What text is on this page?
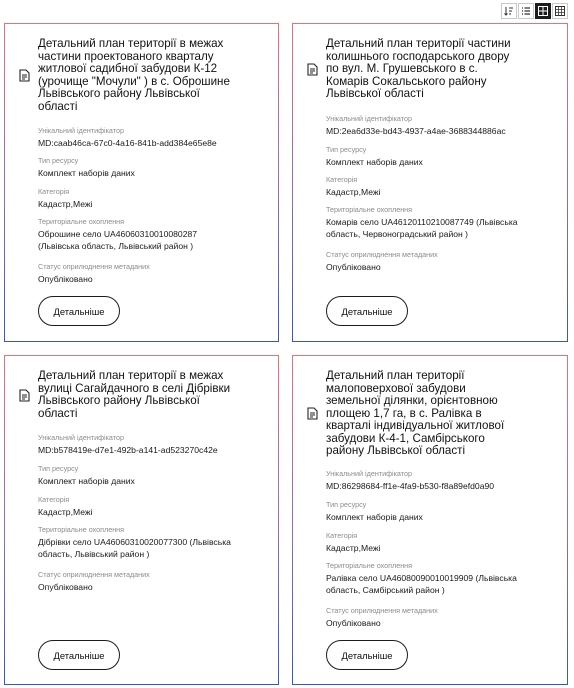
Детальний план території в межах
частини проектованого кварталу
житлової садибної забудови К-12
(урочище "Мочули" ) в с. Оброшине
Львівського району Львівської
області
Унікальний ідентифікатор
MD:caab46ca-67c0-4a16-841b-add384e65e8e
Тип ресурсу
Комплект наборів даних
Категорія
Кадастр,Межі
Територіальне охоплення
Оброшине село UA46060310010080287
(Львівська область, Львівський район )
Статус оприлюднення метаданих
Опубліковано
Детальніше
Детальний план території частини
колишнього господарського двору
по вул. М. Грушевського в с.
Комарів Сокальського району
Львівської області
Унікальний ідентифікатор
MD:2ea6d33e-bd43-4937-a4ae-3688344886ac
Тип ресурсу
Комплект наборів даних
Категорія
Кадастр,Межі
Територіальне охоплення
Комарів село UA46120110210087749 (Львівська
область, Червоноградський район )
Статус оприлюднення метаданих
Опубліковано
Детальніше
Детальний план території в межах
вулиці Сагайдачного в селі Дібрівки
Львівського району Львівської
області
Унікальний ідентифікатор
MD:b578419e-d7e1-492b-a141-ad523270c42e
Тип ресурсу
Комплект наборів даних
Категорія
Кадастр,Межі
Територіальне охоплення
Дібрівки село UA46060310020077300 (Львівська
область, Львівський район )
Статус оприлюднення метаданих
Опубліковано
Детальніше
Детальний план території
малоповерхової забудови
земельної ділянки, орієнтовною
площею 1,7 га, в с. Ралівка в
кварталі індивідуальної житлової
забудови К-4-1, Самбірського
району Львівської області
Унікальний ідентифікатор
MD:86298684-ff1e-4fa9-b530-f8a89efd0a90
Тип ресурсу
Комплект наборів даних
Категорія
Кадастр,Межі
Територіальне охоплення
Ралівка село UA46080090010019909 (Львівська
область, Самбірський район )
Статус оприлюднення метаданих
Опубліковано
Детальніше
